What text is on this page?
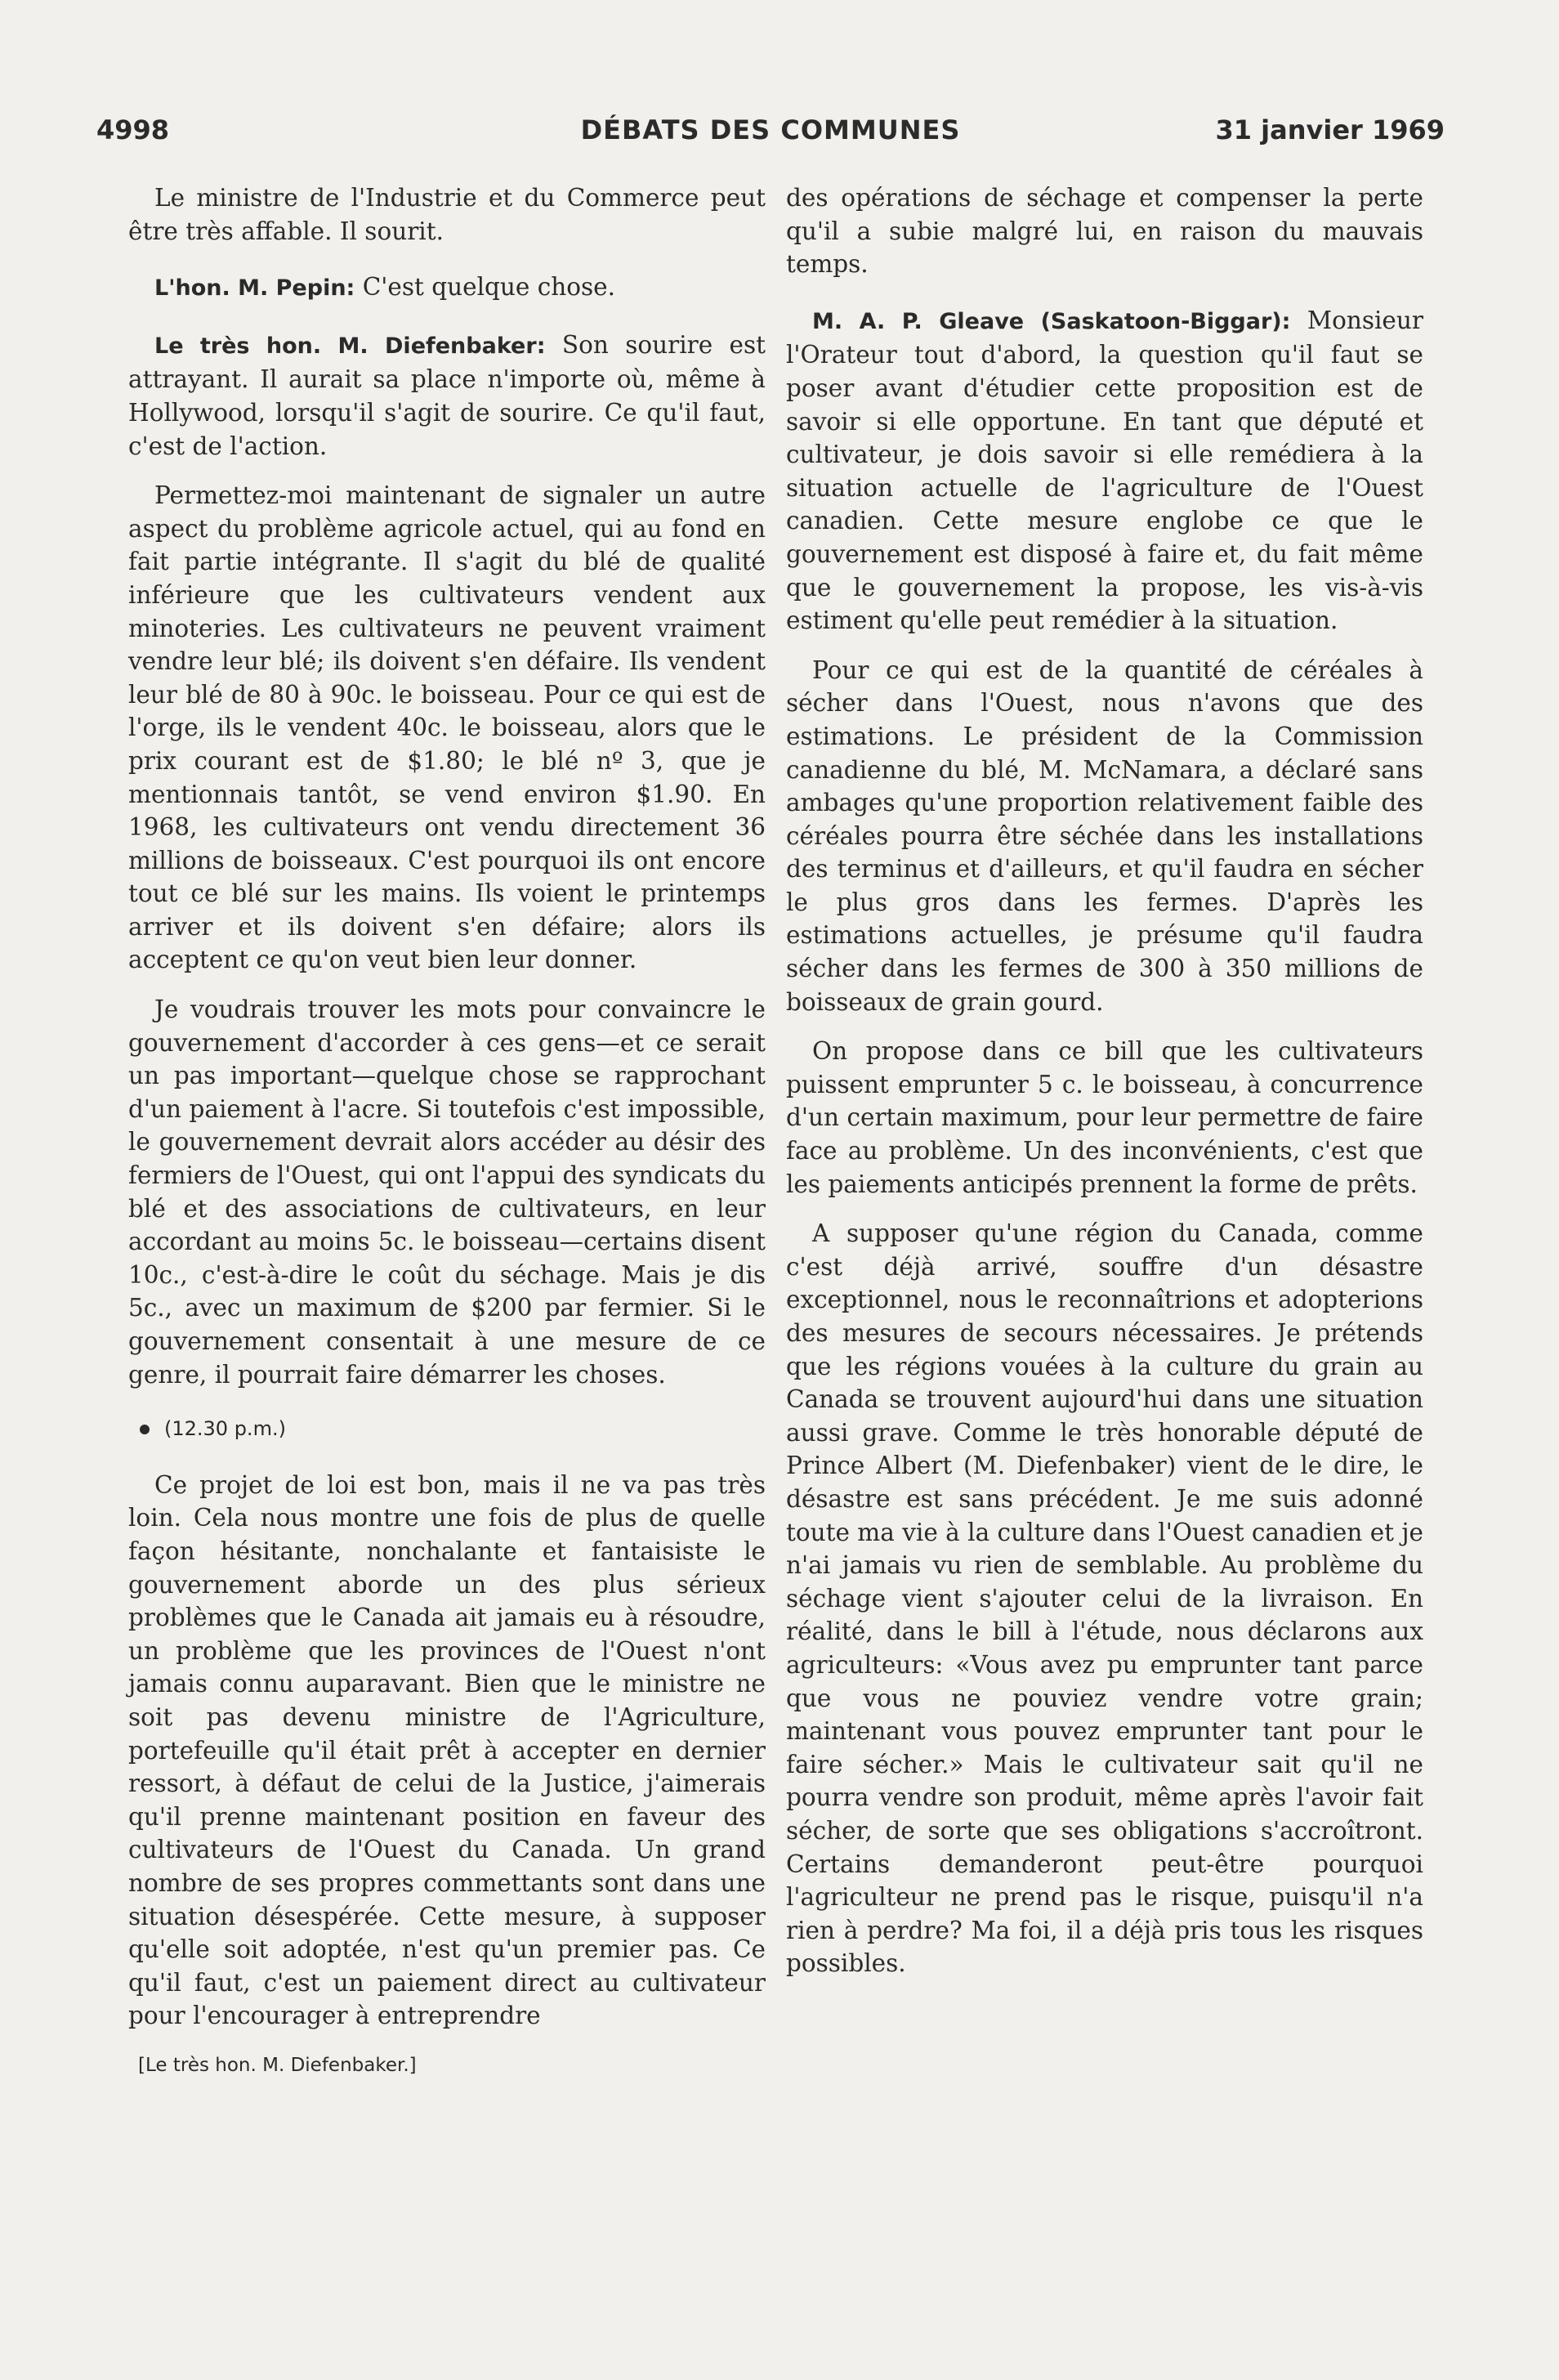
4998	DÉBATS DES COMMUNES	31 janvier 1969

Le ministre de l'Industrie et du Commerce peut être très affable. Il sourit.

L'hon. M. Pepin: C'est quelque chose.

Le très hon. M. Diefenbaker: Son sourire est attrayant. Il aurait sa place n'importe où, même à Hollywood, lorsqu'il s'agit de sourire. Ce qu'il faut, c'est de l'action.

Permettez-moi maintenant de signaler un autre aspect du problème agricole actuel, qui au fond en fait partie intégrante. Il s'agit du blé de qualité inférieure que les cultivateurs vendent aux minoteries. Les cultivateurs ne peuvent vraiment vendre leur blé; ils doivent s'en défaire. Ils vendent leur blé de 80 à 90c. le boisseau. Pour ce qui est de l'orge, ils le vendent 40c. le boisseau, alors que le prix courant est de $1.80; le blé nº 3, que je mentionnais tantôt, se vend environ $1.90. En 1968, les cultivateurs ont vendu directement 36 millions de boisseaux. C'est pourquoi ils ont encore tout ce blé sur les mains. Ils voient le printemps arriver et ils doivent s'en défaire; alors ils acceptent ce qu'on veut bien leur donner.

Je voudrais trouver les mots pour convaincre le gouvernement d'accorder à ces gens—et ce serait un pas important—quelque chose se rapprochant d'un paiement à l'acre. Si toutefois c'est impossible, le gouvernement devrait alors accéder au désir des fermiers de l'Ouest, qui ont l'appui des syndicats du blé et des associations de cultivateurs, en leur accordant au moins 5c. le boisseau—certains disent 10c., c'est-à-dire le coût du séchage. Mais je dis 5c., avec un maximum de $200 par fermier. Si le gouvernement consentait à une mesure de ce genre, il pourrait faire démarrer les choses.

(12.30 p.m.)

Ce projet de loi est bon, mais il ne va pas très loin. Cela nous montre une fois de plus de quelle façon hésitante, nonchalante et fantaisiste le gouvernement aborde un des plus sérieux problèmes que le Canada ait jamais eu à résoudre, un problème que les provinces de l'Ouest n'ont jamais connu auparavant. Bien que le ministre ne soit pas devenu ministre de l'Agriculture, portefeuille qu'il était prêt à accepter en dernier ressort, à défaut de celui de la Justice, j'aimerais qu'il prenne maintenant position en faveur des cultivateurs de l'Ouest du Canada. Un grand nombre de ses propres commettants sont dans une situation désespérée. Cette mesure, à supposer qu'elle soit adoptée, n'est qu'un premier pas. Ce qu'il faut, c'est un paiement direct au cultivateur pour l'encourager à entreprendre

[Le très hon. M. Diefenbaker.]

des opérations de séchage et compenser la perte qu'il a subie malgré lui, en raison du mauvais temps.

M. A. P. Gleave (Saskatoon-Biggar): Monsieur l'Orateur tout d'abord, la question qu'il faut se poser avant d'étudier cette proposition est de savoir si elle opportune. En tant que député et cultivateur, je dois savoir si elle remédiera à la situation actuelle de l'agriculture de l'Ouest canadien. Cette mesure englobe ce que le gouvernement est disposé à faire et, du fait même que le gouvernement la propose, les vis-à-vis estiment qu'elle peut remédier à la situation.

Pour ce qui est de la quantité de céréales à sécher dans l'Ouest, nous n'avons que des estimations. Le président de la Commission canadienne du blé, M. McNamara, a déclaré sans ambages qu'une proportion relativement faible des céréales pourra être séchée dans les installations des terminus et d'ailleurs, et qu'il faudra en sécher le plus gros dans les fermes. D'après les estimations actuelles, je présume qu'il faudra sécher dans les fermes de 300 à 350 millions de boisseaux de grain gourd.

On propose dans ce bill que les cultivateurs puissent emprunter 5 c. le boisseau, à concurrence d'un certain maximum, pour leur permettre de faire face au problème. Un des inconvénients, c'est que les paiements anticipés prennent la forme de prêts.

A supposer qu'une région du Canada, comme c'est déjà arrivé, souffre d'un désastre exceptionnel, nous le reconnaîtrions et adopterions des mesures de secours nécessaires. Je prétends que les régions vouées à la culture du grain au Canada se trouvent aujourd'hui dans une situation aussi grave. Comme le très honorable député de Prince Albert (M. Diefenbaker) vient de le dire, le désastre est sans précédent. Je me suis adonné toute ma vie à la culture dans l'Ouest canadien et je n'ai jamais vu rien de semblable. Au problème du séchage vient s'ajouter celui de la livraison. En réalité, dans le bill à l'étude, nous déclarons aux agriculteurs: «Vous avez pu emprunter tant parce que vous ne pouviez vendre votre grain; maintenant vous pouvez emprunter tant pour le faire sécher.» Mais le cultivateur sait qu'il ne pourra vendre son produit, même après l'avoir fait sécher, de sorte que ses obligations s'accroîtront. Certains demanderont peut-être pourquoi l'agriculteur ne prend pas le risque, puisqu'il n'a rien à perdre? Ma foi, il a déjà pris tous les risques possibles.
